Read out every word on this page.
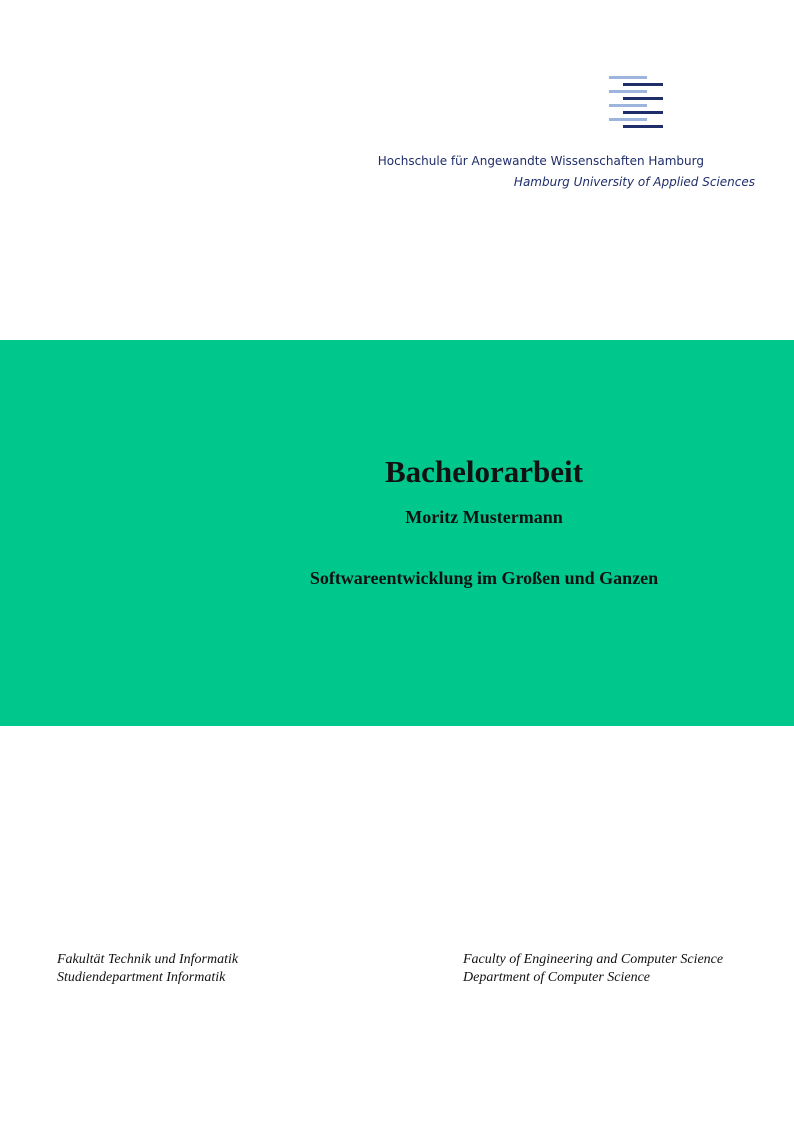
Hochschule für Angewandte Wissenschaften Hamburg
Hamburg University of Applied Sciences
Bachelorarbeit
Moritz Mustermann
Softwareentwicklung im Großen und Ganzen
Fakultät Technik und Informatik
Studiendepartment Informatik
Faculty of Engineering and Computer Science
Department of Computer Science
